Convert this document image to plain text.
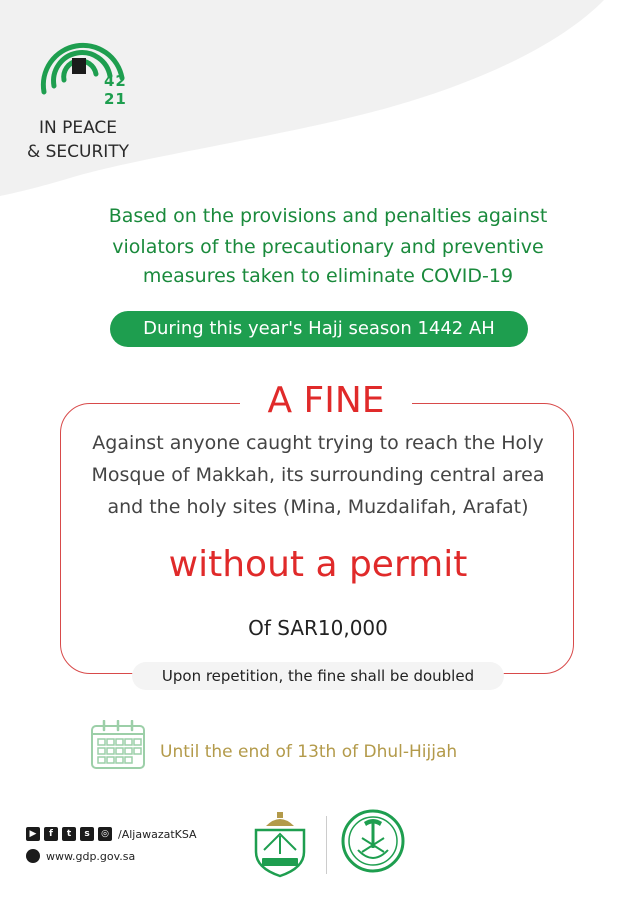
42
21
IN PEACE
& SECURITY
Based on the provisions and penalties against
violators of the precautionary and preventive
measures taken to eliminate COVID-19
During this year's Hajj season 1442 AH
A FINE
Against anyone caught trying to reach the Holy
Mosque of Makkah, its surrounding central area
and the holy sites (Mina, Muzdalifah, Arafat)
without a permit
Of SAR10,000
Upon repetition, the fine shall be doubled
Until the end of 13th of Dhul-Hijjah
▶	f	t	s	◎ /AljawazatKSA
www.gdp.gov.sa
